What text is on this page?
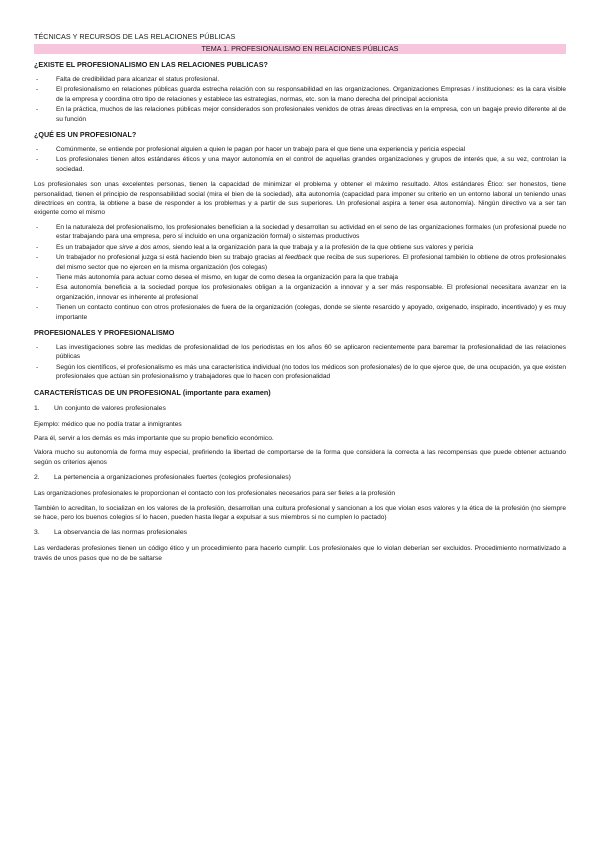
TÉCNICAS Y RECURSOS DE LAS RELACIONES PÚBLICAS
TEMA 1. PROFESIONALISMO EN RELACIONES PÚBLICAS
¿EXISTE EL PROFESIONALISMO EN LAS RELACIONES PUBLICAS?
-	Falta de credibilidad para alcanzar el status profesional.
-	El profesionalismo en relaciones públicas guarda estrecha relación con su responsabilidad en las organizaciones. Organizaciones Empresas / instituciones: es la cara visible de la empresa y coordina otro tipo de relaciones y establece las estrategias, normas, etc. son la mano derecha del principal accionista
-	En la práctica, muchos de las relaciones públicas mejor considerados son profesionales venidos de otras áreas directivas en la empresa, con un bagaje previo diferente al de su función
¿QUÉ ES UN PROFESIONAL?
-	Comúnmente, se entiende por profesional alguien a quien le pagan por hacer un trabajo para el que tiene una experiencia y pericia especial
-	Los profesionales tienen altos estándares éticos y una mayor autonomía en el control de aquellas grandes organizaciones y grupos de interés que, a su vez, controlan la sociedad.

Los profesionales son unas excelentes personas, tienen la capacidad de minimizar el problema y obtener el máximo resultado. Altos estándares Ético: ser honestos, tiene personalidad, tienen el principio de responsabilidad social (mira el bien de la sociedad), alta autonomía (capacidad para imponer su criterio en un entorno laboral un teniendo unas directrices en contra, la obtiene a base de responder a los problemas y a partir de sus superiores. Un profesional aspira a tener esa autonomía). Ningún directivo va a ser tan exigente como el mismo

-	En la naturaleza del profesionalismo, los profesionales benefician a la sociedad y desarrollan su actividad en el seno de las organizaciones formales (un profesional puede no estar trabajando para una empresa, pero sí incluido en una organización formal) o sistemas productivos
-	Es un trabajador que sirve a dos amos, siendo leal a la organización para la que trabaja y a la profesión de la que obtiene sus valores y pericia
-	Un trabajador no profesional juzga si está haciendo bien su trabajo gracias al feedback que reciba de sus superiores. El profesional también lo obtiene de otros profesionales del mismo sector que no ejercen en la misma organización (los colegas)
-	Tiene más autonomía para actuar como desea el mismo, en lugar de como desea la organización para la que trabaja
-	Esa autonomía beneficia a la sociedad porque los profesionales obligan a la organización a innovar y a ser más responsable. El profesional necesitara avanzar en la organización, innovar es inherente al profesional
-	Tienen un contacto continuo con otros profesionales de fuera de la organización (colegas, donde se siente resarcido y apoyado, oxigenado, inspirado, incentivado) y es muy importante
PROFESIONALES Y PROFESIONALISMO
-	Las investigaciones sobre las medidas de profesionalidad de los periodistas en los años 60 se aplicaron recientemente para baremar la profesionalidad de las relaciones públicas
-	Según los científicos, el profesionalismo es más una característica individual (no todos los médicos son profesionales) de lo que ejerce que, de una ocupación, ya que existen profesionales que actúan sin profesionalismo y trabajadores que lo hacen con profesionalidad
CARACTERÍSTICAS DE UN PROFESIONAL (importante para examen)
1.	Un conjunto de valores profesionales

Ejemplo: médico que no podía tratar a inmigrantes

Para él, servir a los demás es más importante que su propio beneficio económico.

Valora mucho su autonomía de forma muy especial, prefiriendo la libertad de comportarse de la forma que considera la correcta a las recompensas que puede obtener actuando según os criterios ajenos

2.	La pertenencia a organizaciones profesionales fuertes (colegios profesionales)

Las organizaciones profesionales le proporcionan el contacto con los profesionales necesarios para ser fieles a la profesión

También lo acreditan, lo socializan en los valores de la profesión, desarrollan una cultura profesional y sancionan a los que violan esos valores y la ética de la profesión (no siempre se hace, pero los buenos colegios sí lo hacen, pueden hasta llegar a expulsar a sus miembros si no cumplen lo pactado)

3.	La observancia de las normas profesionales

Las verdaderas profesiones tienen un código ético y un procedimiento para hacerlo cumplir. Los profesionales que lo violan deberían ser excluidos. Procedimiento normativizado a través de unos pasos que no de be saltarse
